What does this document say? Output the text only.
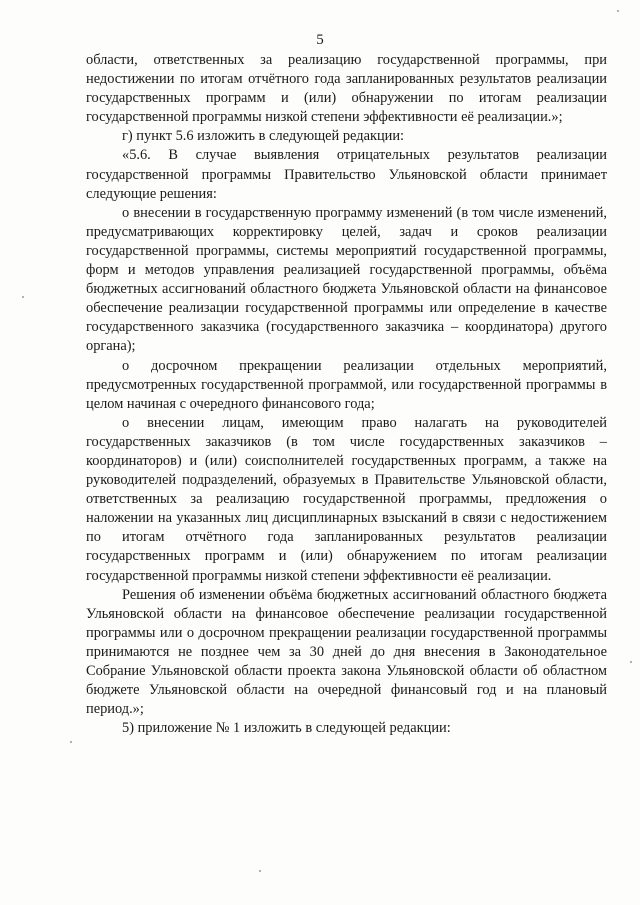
5

области, ответственных за реализацию государственной программы, при недостижении по итогам отчётного года запланированных результатов реализации государственных программ и (или) обнаружении по итогам реализации государственной программы низкой степени эффективности её реализации.»;

г) пункт 5.6 изложить в следующей редакции:

«5.6. В случае выявления отрицательных результатов реализации государственной программы Правительство Ульяновской области принимает следующие решения:

о внесении в государственную программу изменений (в том числе изменений, предусматривающих корректировку целей, задач и сроков реализации государственной программы, системы мероприятий государственной программы, форм и методов управления реализацией государственной программы, объёма бюджетных ассигнований областного бюджета Ульяновской области на финансовое обеспечение реализации государственной программы или определение в качестве государственного заказчика (государственного заказчика – координатора) другого органа);

о досрочном прекращении реализации отдельных мероприятий, предусмотренных государственной программой, или государственной программы в целом начиная с очередного финансового года;

о внесении лицам, имеющим право налагать на руководителей государственных заказчиков (в том числе государственных заказчиков – координаторов) и (или) соисполнителей государственных программ, а также на руководителей подразделений, образуемых в Правительстве Ульяновской области, ответственных за реализацию государственной программы, предложения о наложении на указанных лиц дисциплинарных взысканий в связи с недостижением по итогам отчётного года запланированных результатов реализации государственных программ и (или) обнаружением по итогам реализации государственной программы низкой степени эффективности её реализации.

Решения об изменении объёма бюджетных ассигнований областного бюджета Ульяновской области на финансовое обеспечение реализации государственной программы или о досрочном прекращении реализации государственной программы принимаются не позднее чем за 30 дней до дня внесения в Законодательное Собрание Ульяновской области проекта закона Ульяновской области об областном бюджете Ульяновской области на очередной финансовый год и на плановый период.»;

5) приложение № 1 изложить в следующей редакции:
